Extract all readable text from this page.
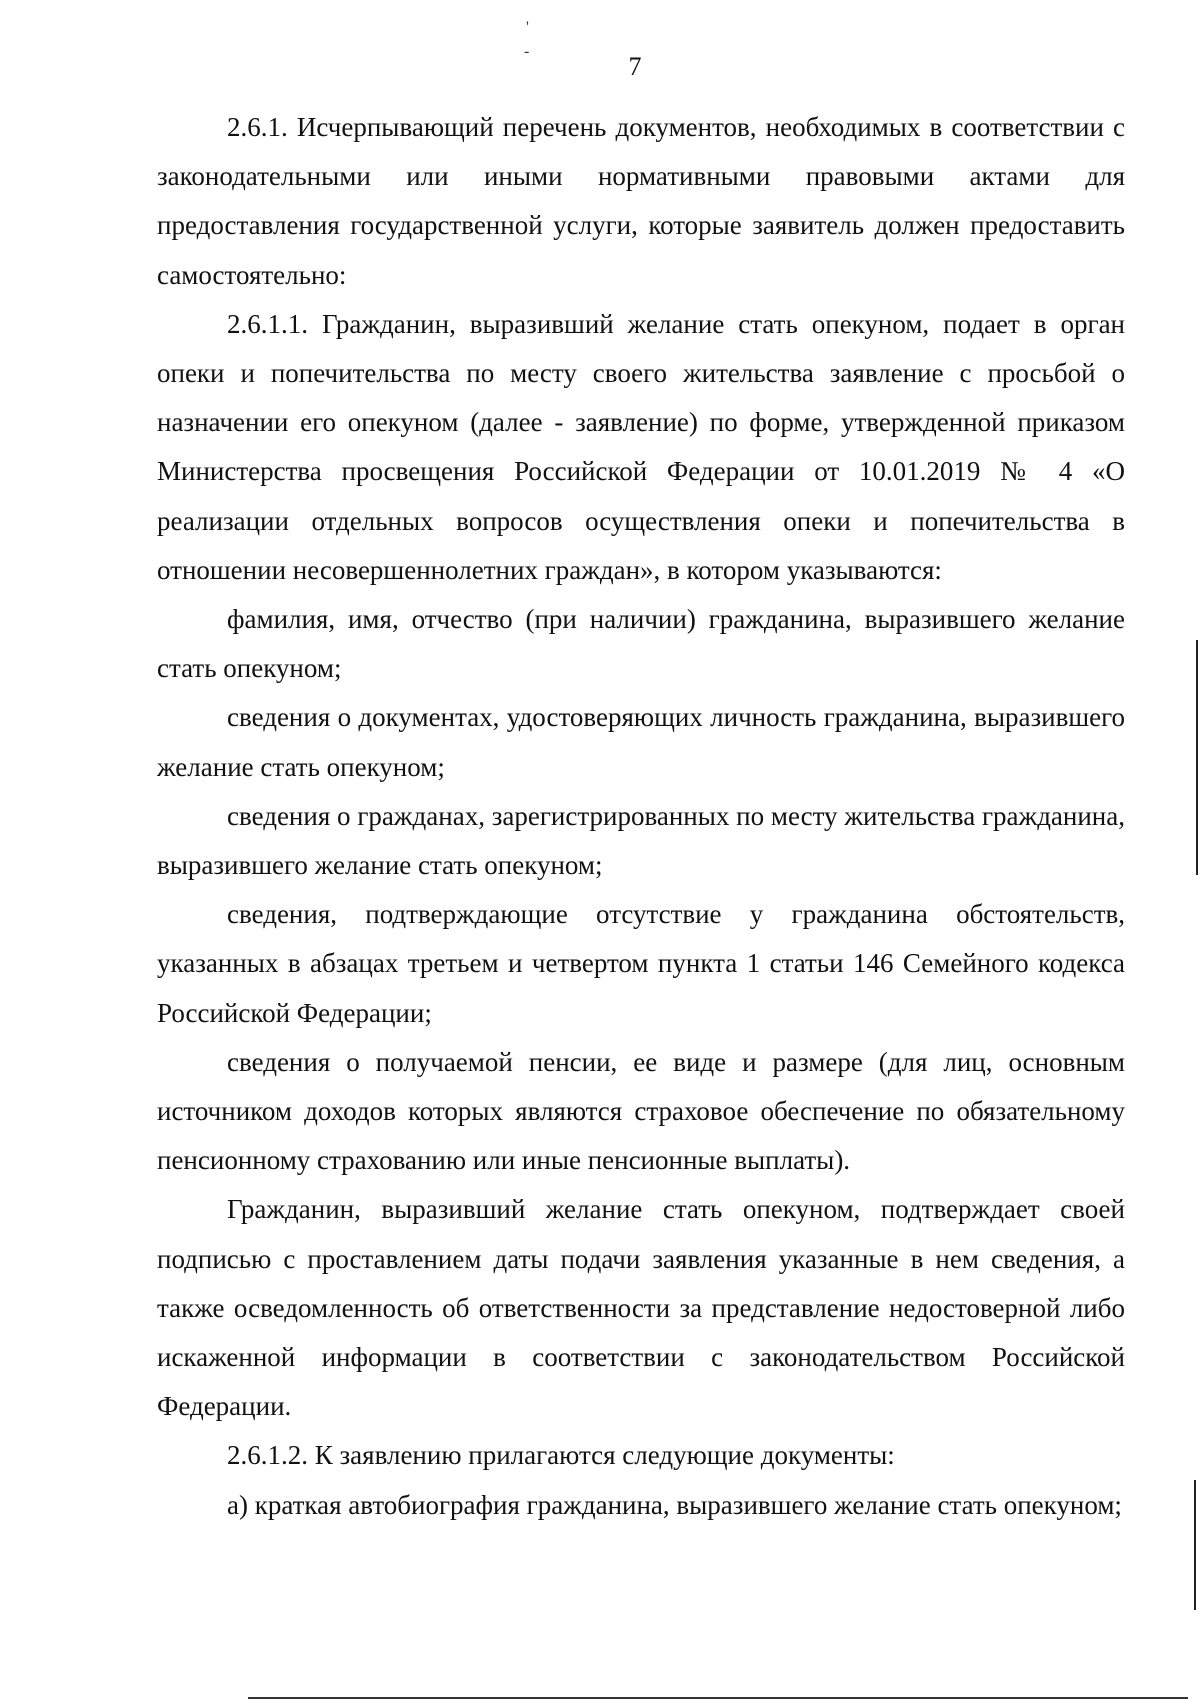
'
-
7

2.6.1. Исчерпывающий перечень документов, необходимых в соответствии с законодательными или иными нормативными правовыми актами для предоставления государственной услуги, которые заявитель должен предоставить самостоятельно:

2.6.1.1. Гражданин, выразивший желание стать опекуном, подает в орган опеки и попечительства по месту своего жительства заявление с просьбой о назначении его опекуном (далее - заявление) по форме, утвержденной приказом Министерства просвещения Российской Федерации от 10.01.2019 № 4 «О реализации отдельных вопросов осуществления опеки и попечительства в отношении несовершеннолетних граждан», в котором указываются:

фамилия, имя, отчество (при наличии) гражданина, выразившего желание стать опекуном;

сведения о документах, удостоверяющих личность гражданина, выразившего желание стать опекуном;

сведения о гражданах, зарегистрированных по месту жительства гражданина, выразившего желание стать опекуном;

сведения, подтверждающие отсутствие у гражданина обстоятельств, указанных в абзацах третьем и четвертом пункта 1 статьи 146 Семейного кодекса Российской Федерации;

сведения о получаемой пенсии, ее виде и размере (для лиц, основным источником доходов которых являются страховое обеспечение по обязательному пенсионному страхованию или иные пенсионные выплаты).

Гражданин, выразивший желание стать опекуном, подтверждает своей подписью с проставлением даты подачи заявления указанные в нем сведения, а также осведомленность об ответственности за представление недостоверной либо искаженной информации в соответствии с законодательством Российской Федерации.

2.6.1.2. К заявлению прилагаются следующие документы:

а) краткая автобиография гражданина, выразившего желание стать опекуном;
